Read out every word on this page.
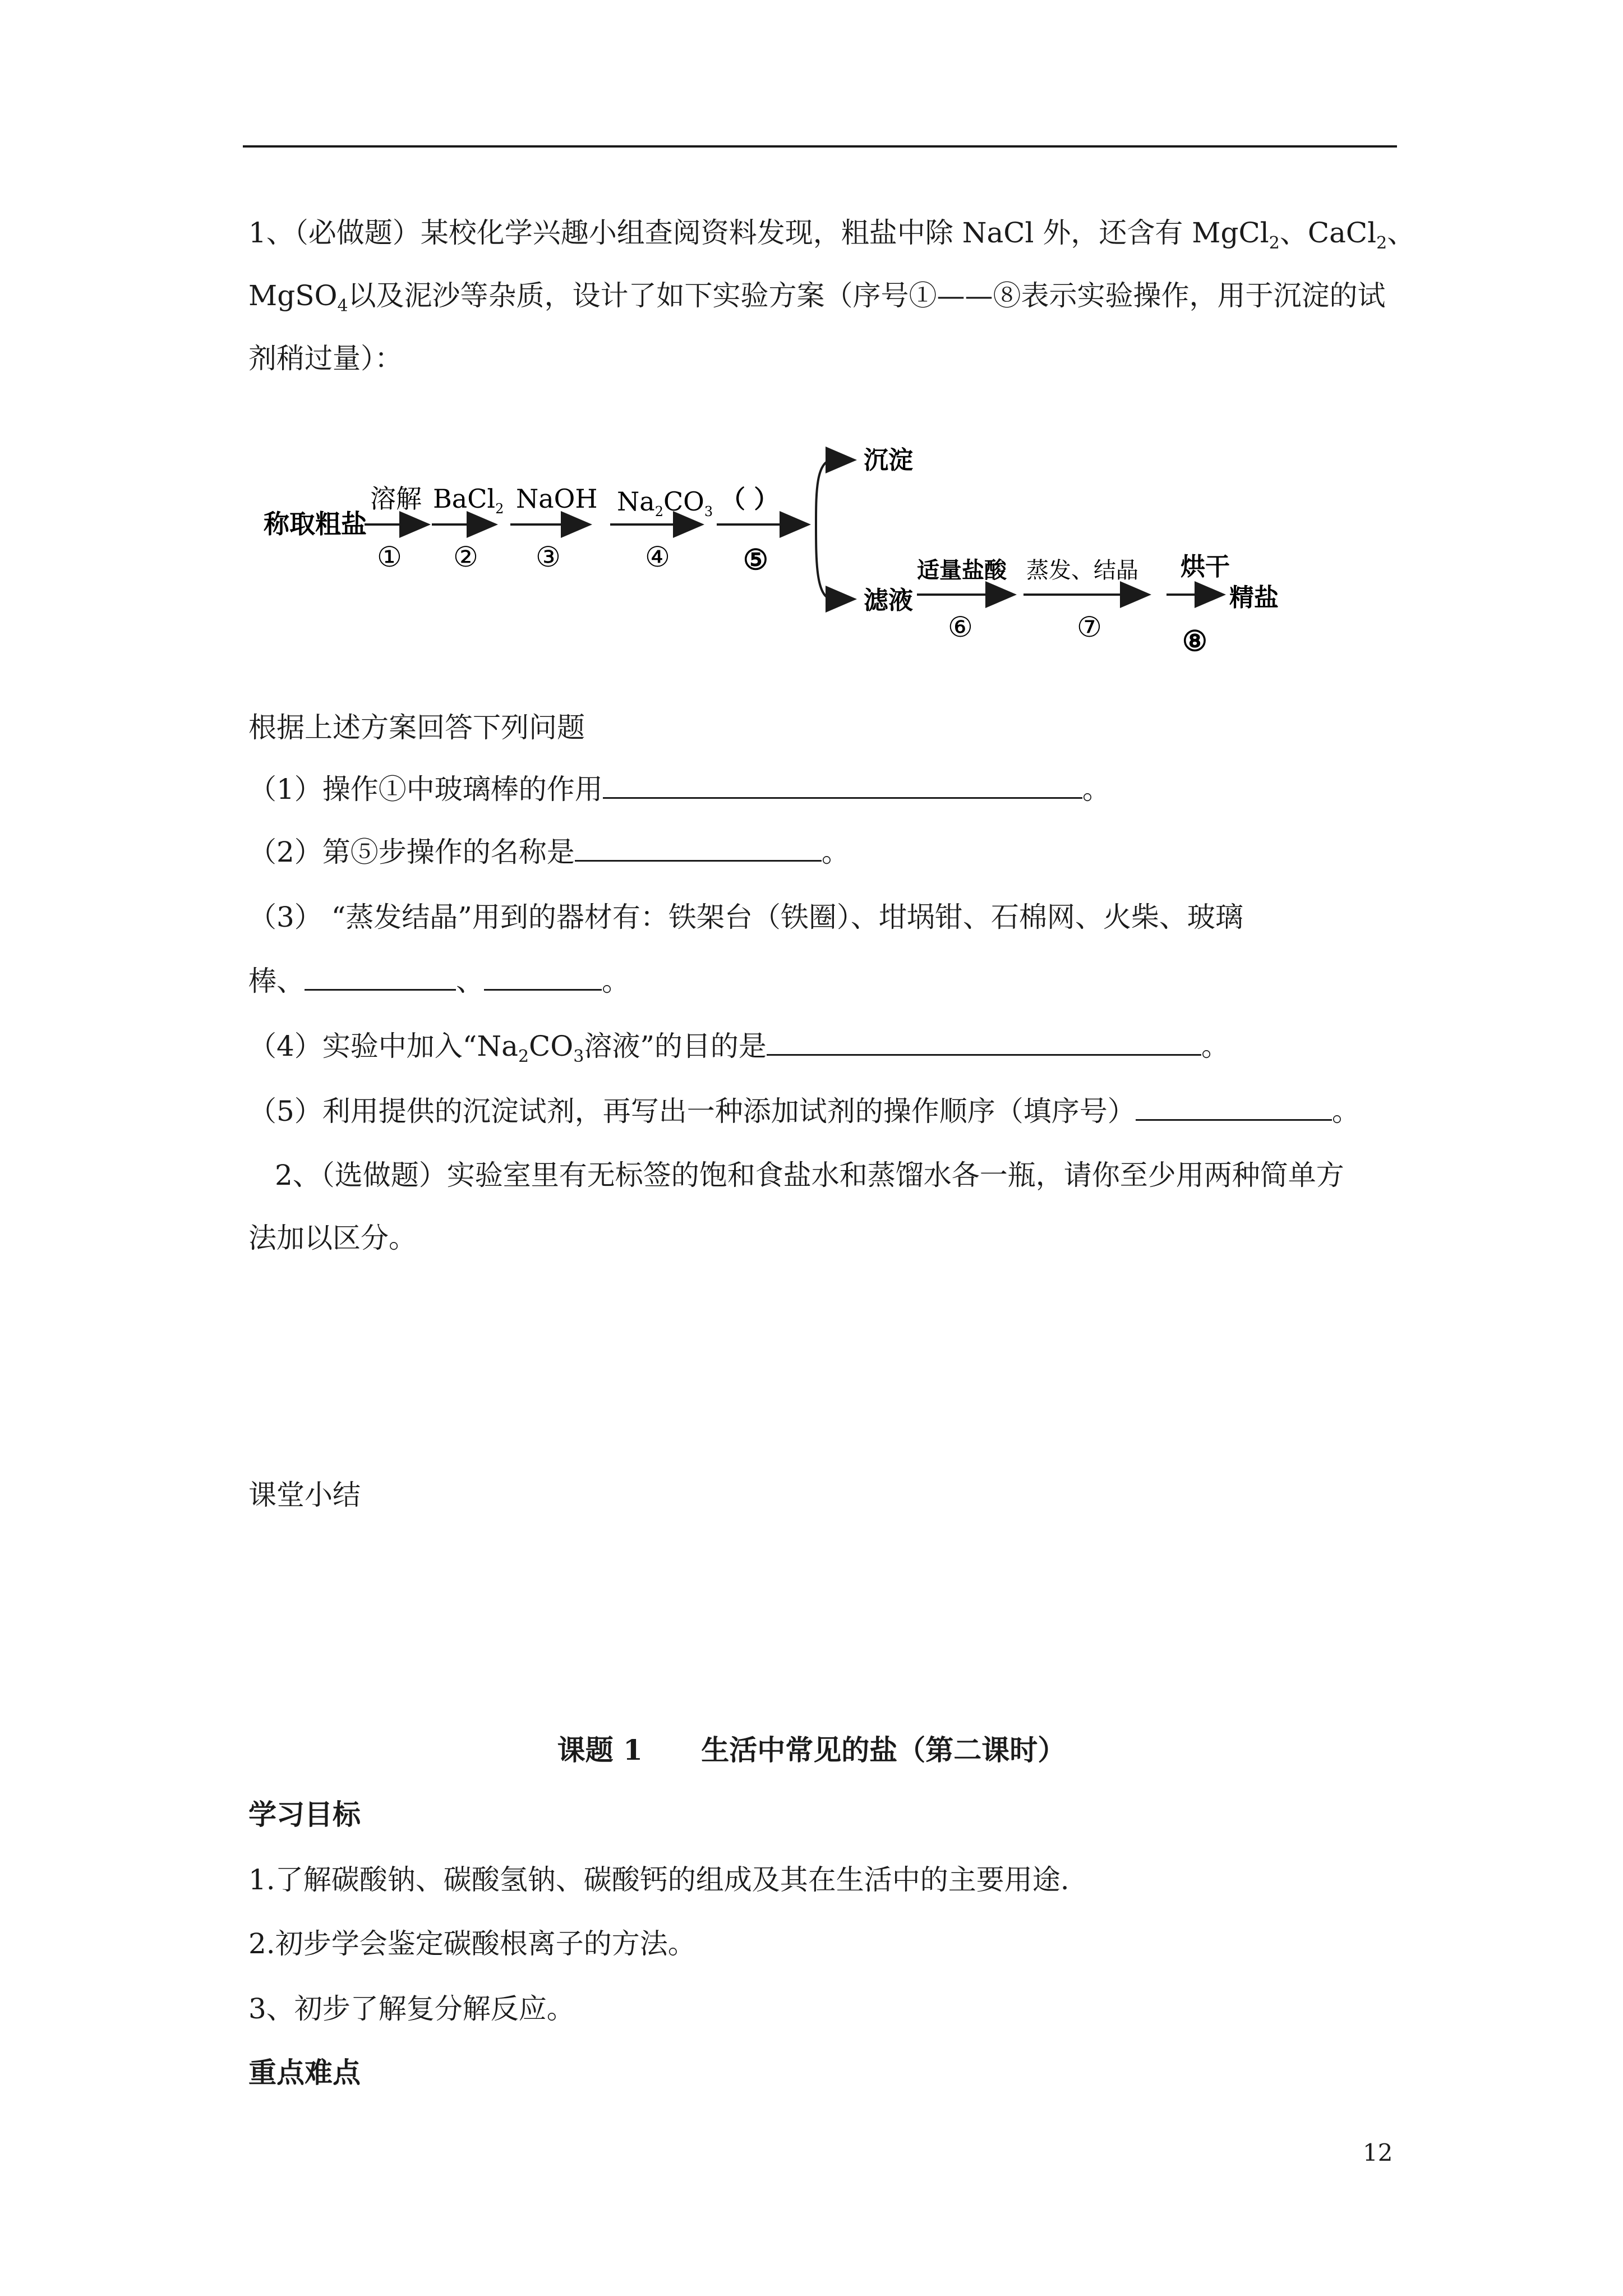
1、（必做题）某校化学兴趣小组查阅资料发现，粗盐中除 NaCl 外，还含有 MgCl$_2$、CaCl$_2$、
MgSO$_4$以及泥沙等杂质，设计了如下实验方案（序号①——⑧表示实验操作，用于沉淀的试
剂稍过量）：
称取粗盐
溶解
①
BaCl$_2$
②
NaOH
③
$Na_2CO_3$
④
（ ）
⑤
沉淀
滤液
适量盐酸
⑥
蒸发、结晶
⑦
烘干
⑧
精盐
根据上述方案回答下列问题
（1）操作①中玻璃棒的作用	。
（2）第⑤步操作的名称是	。
（3） “蒸发结晶”用到的器材有：铁架台（铁圈）、坩埚钳、石棉网、火柴、玻璃
棒、	、	。
（4）实验中加入“$Na_2CO_3$溶液”的目的是	。
（5）利用提供的沉淀试剂，再写出一种添加试剂的操作顺序（填序号）	。
2、（选做题）实验室里有无标签的饱和食盐水和蒸馏水各一瓶，请你至少用两种简单方
法加以区分。
课堂小结
课题 1      生活中常见的盐（第二课时）
学习目标
1.了解碳酸钠、碳酸氢钠、碳酸钙的组成及其在生活中的主要用途.
2.初步学会鉴定碳酸根离子的方法。
3、初步了解复分解反应。
重点难点
12
